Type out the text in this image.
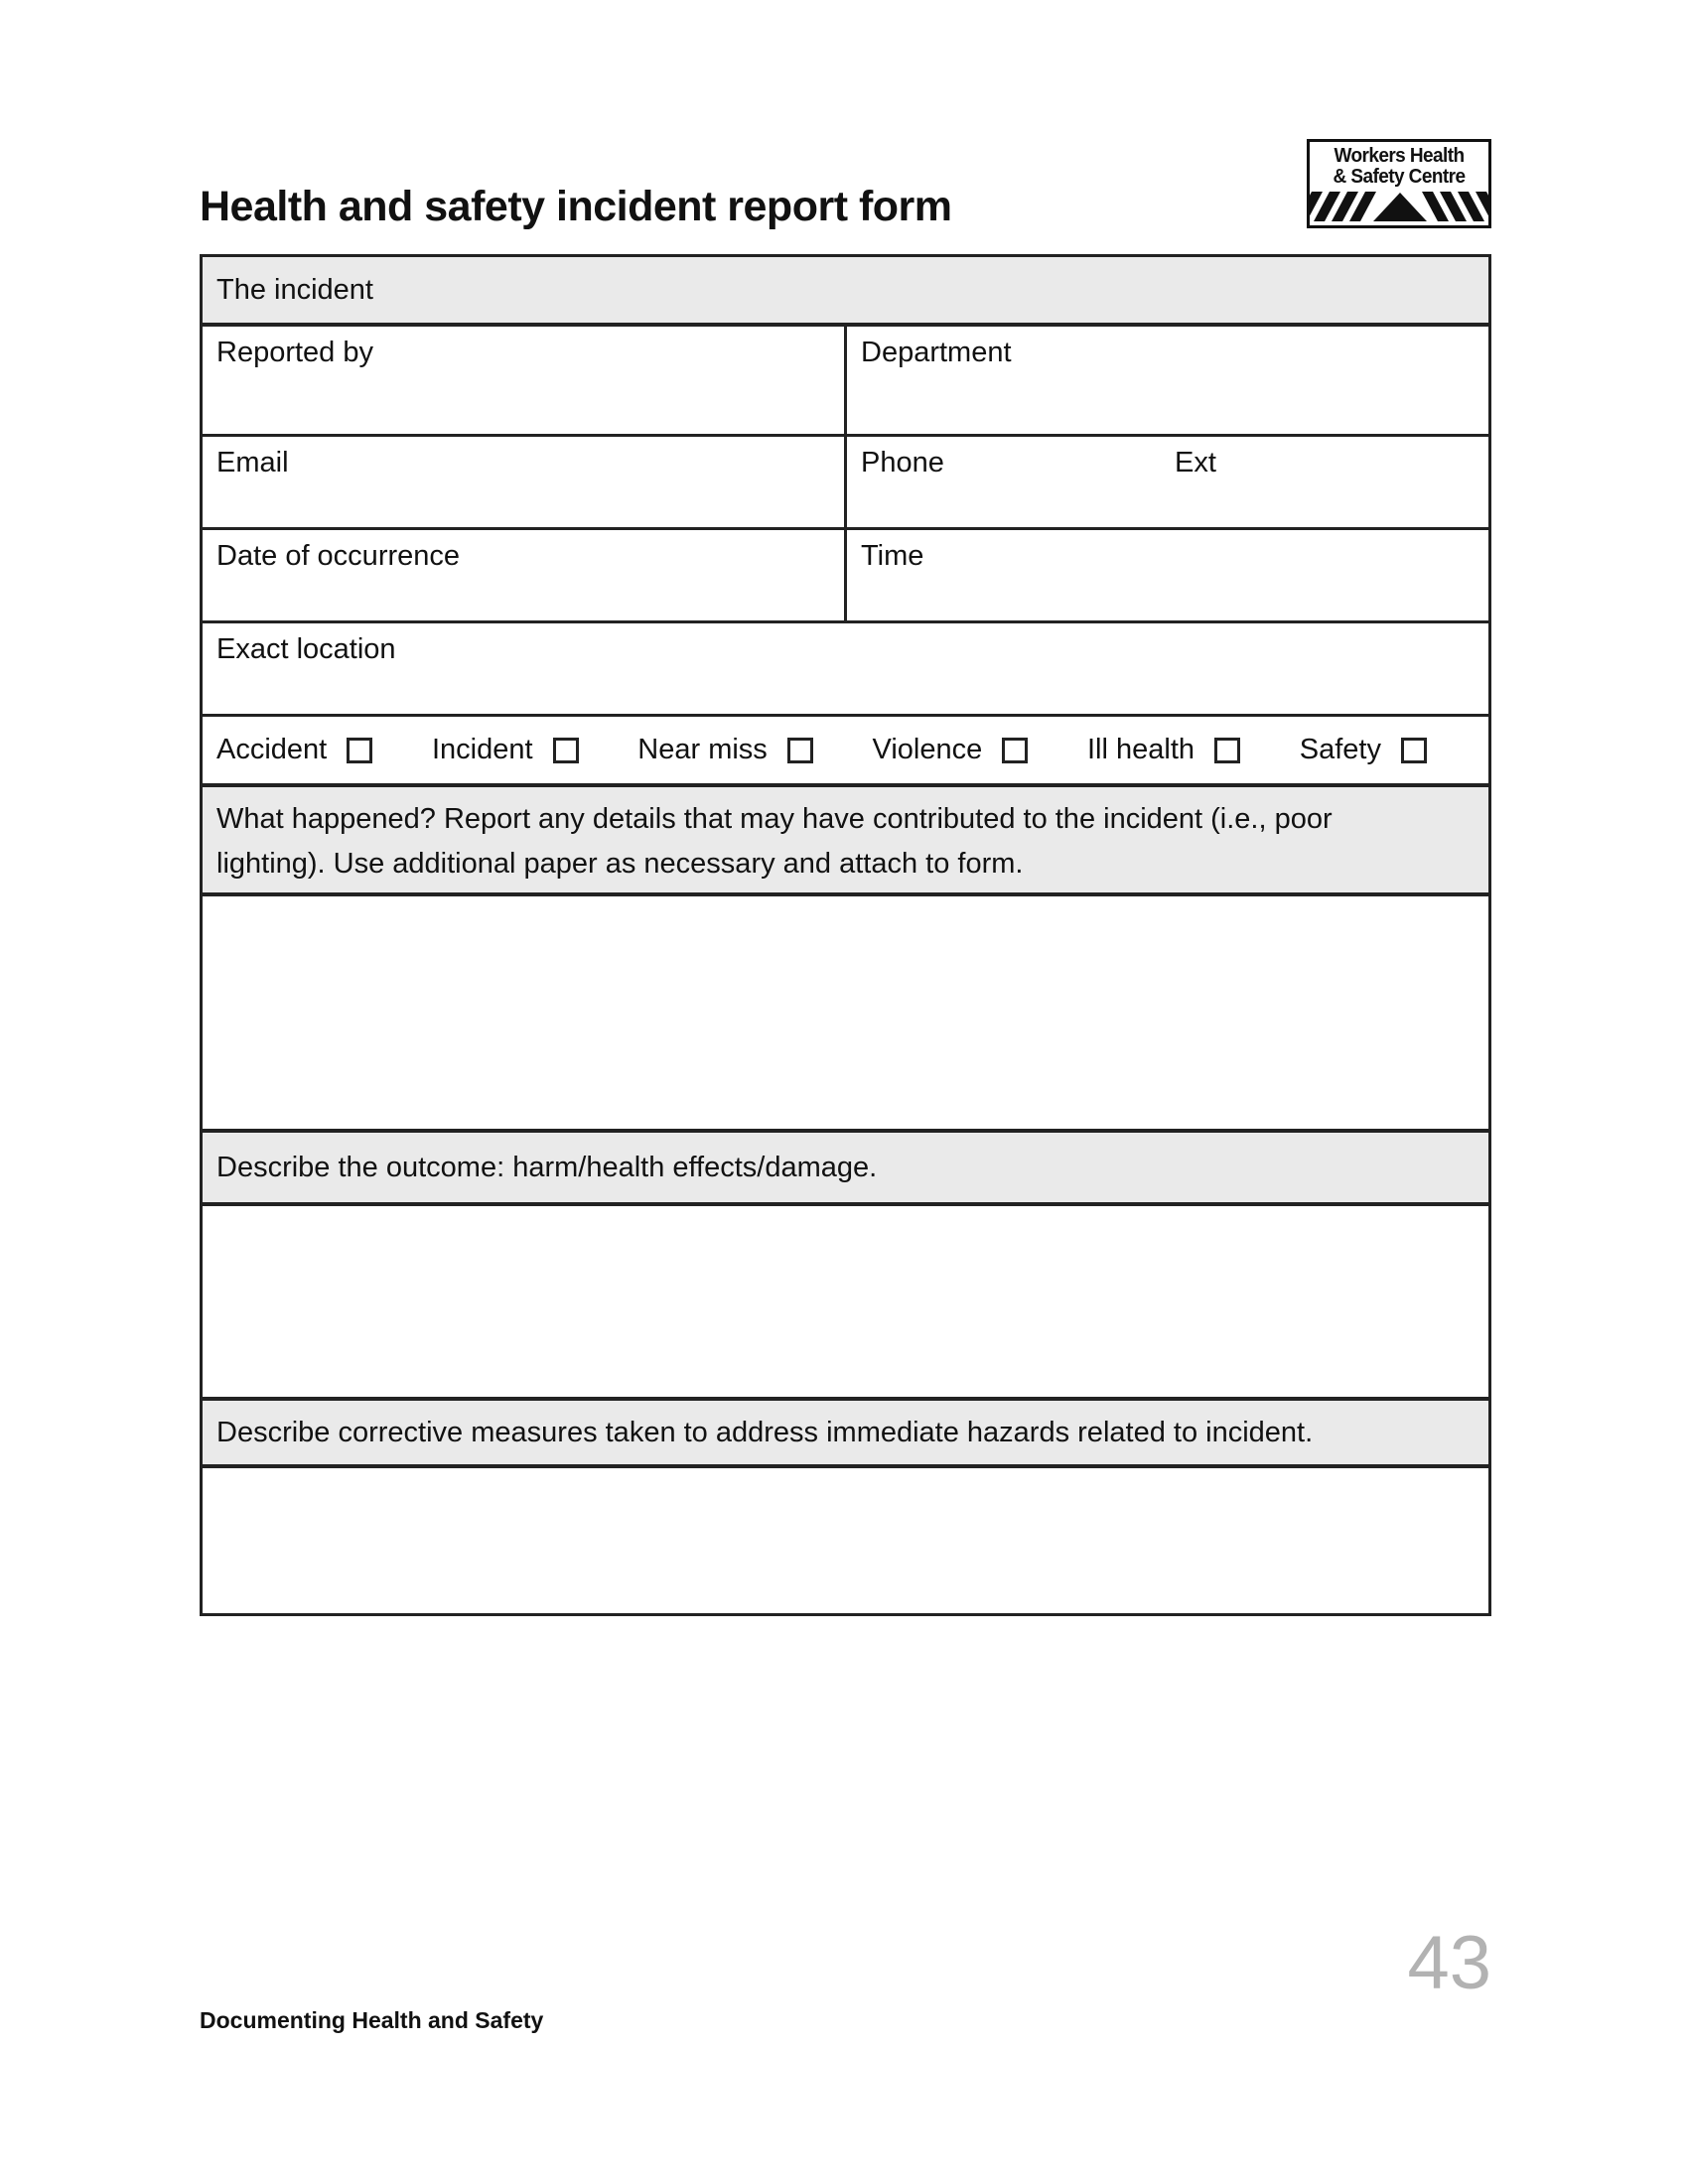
Health and safety incident report form
Workers Health
& Safety Centre
The incident
Reported by	Department
Email	Phone	Ext
Date of occurrence	Time
Exact location
Accident	Incident	Near miss	Violence	Ill health	Safety
What happened? Report any details that may have contributed to the incident (i.e., poor lighting). Use additional paper as necessary and attach to form.
Describe the outcome: harm/health effects/damage.
Describe corrective measures taken to address immediate hazards related to incident.
43
Documenting Health and Safety
